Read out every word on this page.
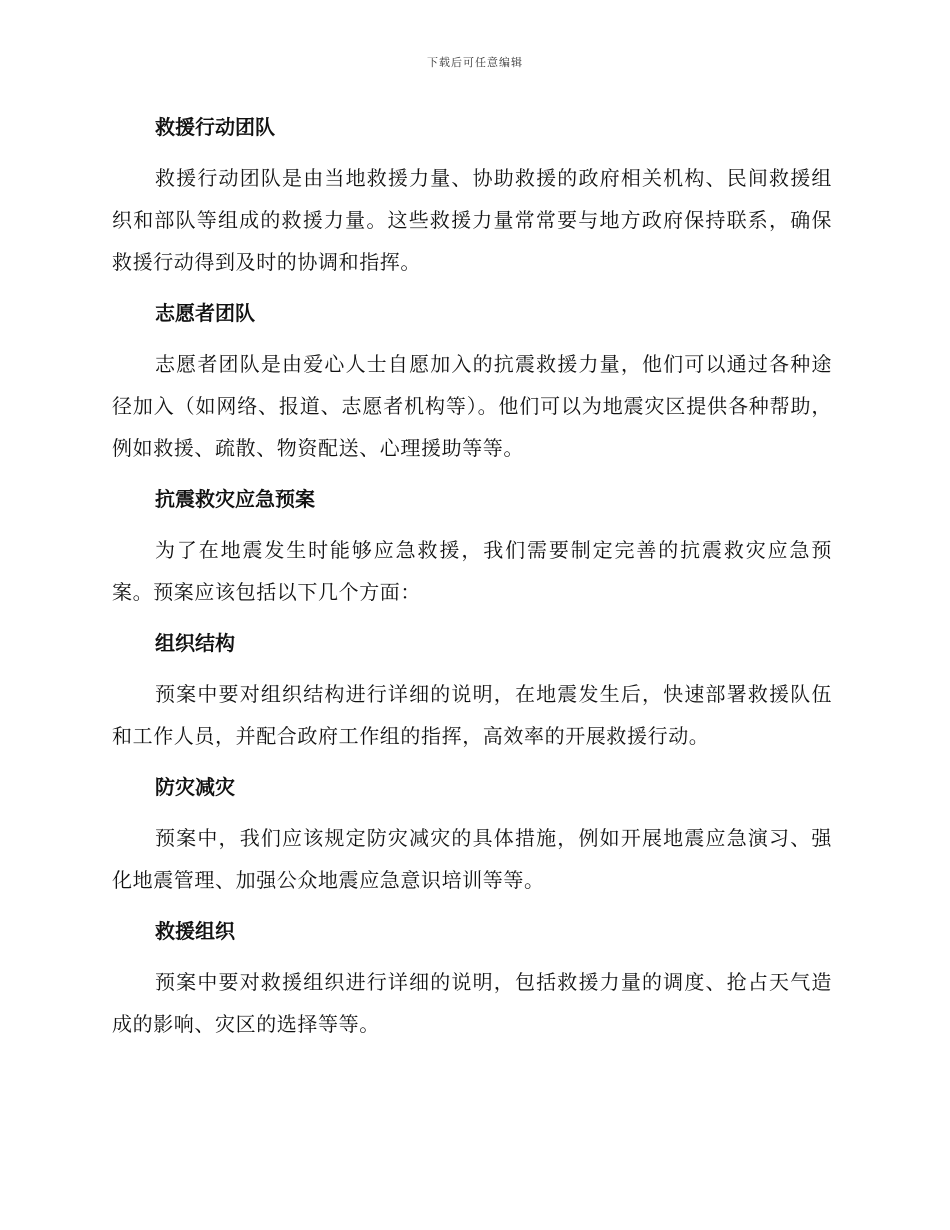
下载后可任意编辑
救援行动团队
救援行动团队是由当地救援力量、协助救援的政府相关机构、民间救援组织和部队等组成的救援力量。这些救援力量常常要与地方政府保持联系，确保救援行动得到及时的协调和指挥。
志愿者团队
志愿者团队是由爱心人士自愿加入的抗震救援力量，他们可以通过各种途径加入（如网络、报道、志愿者机构等）。他们可以为地震灾区提供各种帮助，例如救援、疏散、物资配送、心理援助等等。
抗震救灾应急预案
为了在地震发生时能够应急救援，我们需要制定完善的抗震救灾应急预案。预案应该包括以下几个方面：
组织结构
预案中要对组织结构进行详细的说明，在地震发生后，快速部署救援队伍和工作人员，并配合政府工作组的指挥，高效率的开展救援行动。
防灾减灾
预案中，我们应该规定防灾减灾的具体措施，例如开展地震应急演习、强化地震管理、加强公众地震应急意识培训等等。
救援组织
预案中要对救援组织进行详细的说明，包括救援力量的调度、抢占天气造成的影响、灾区的选择等等。
